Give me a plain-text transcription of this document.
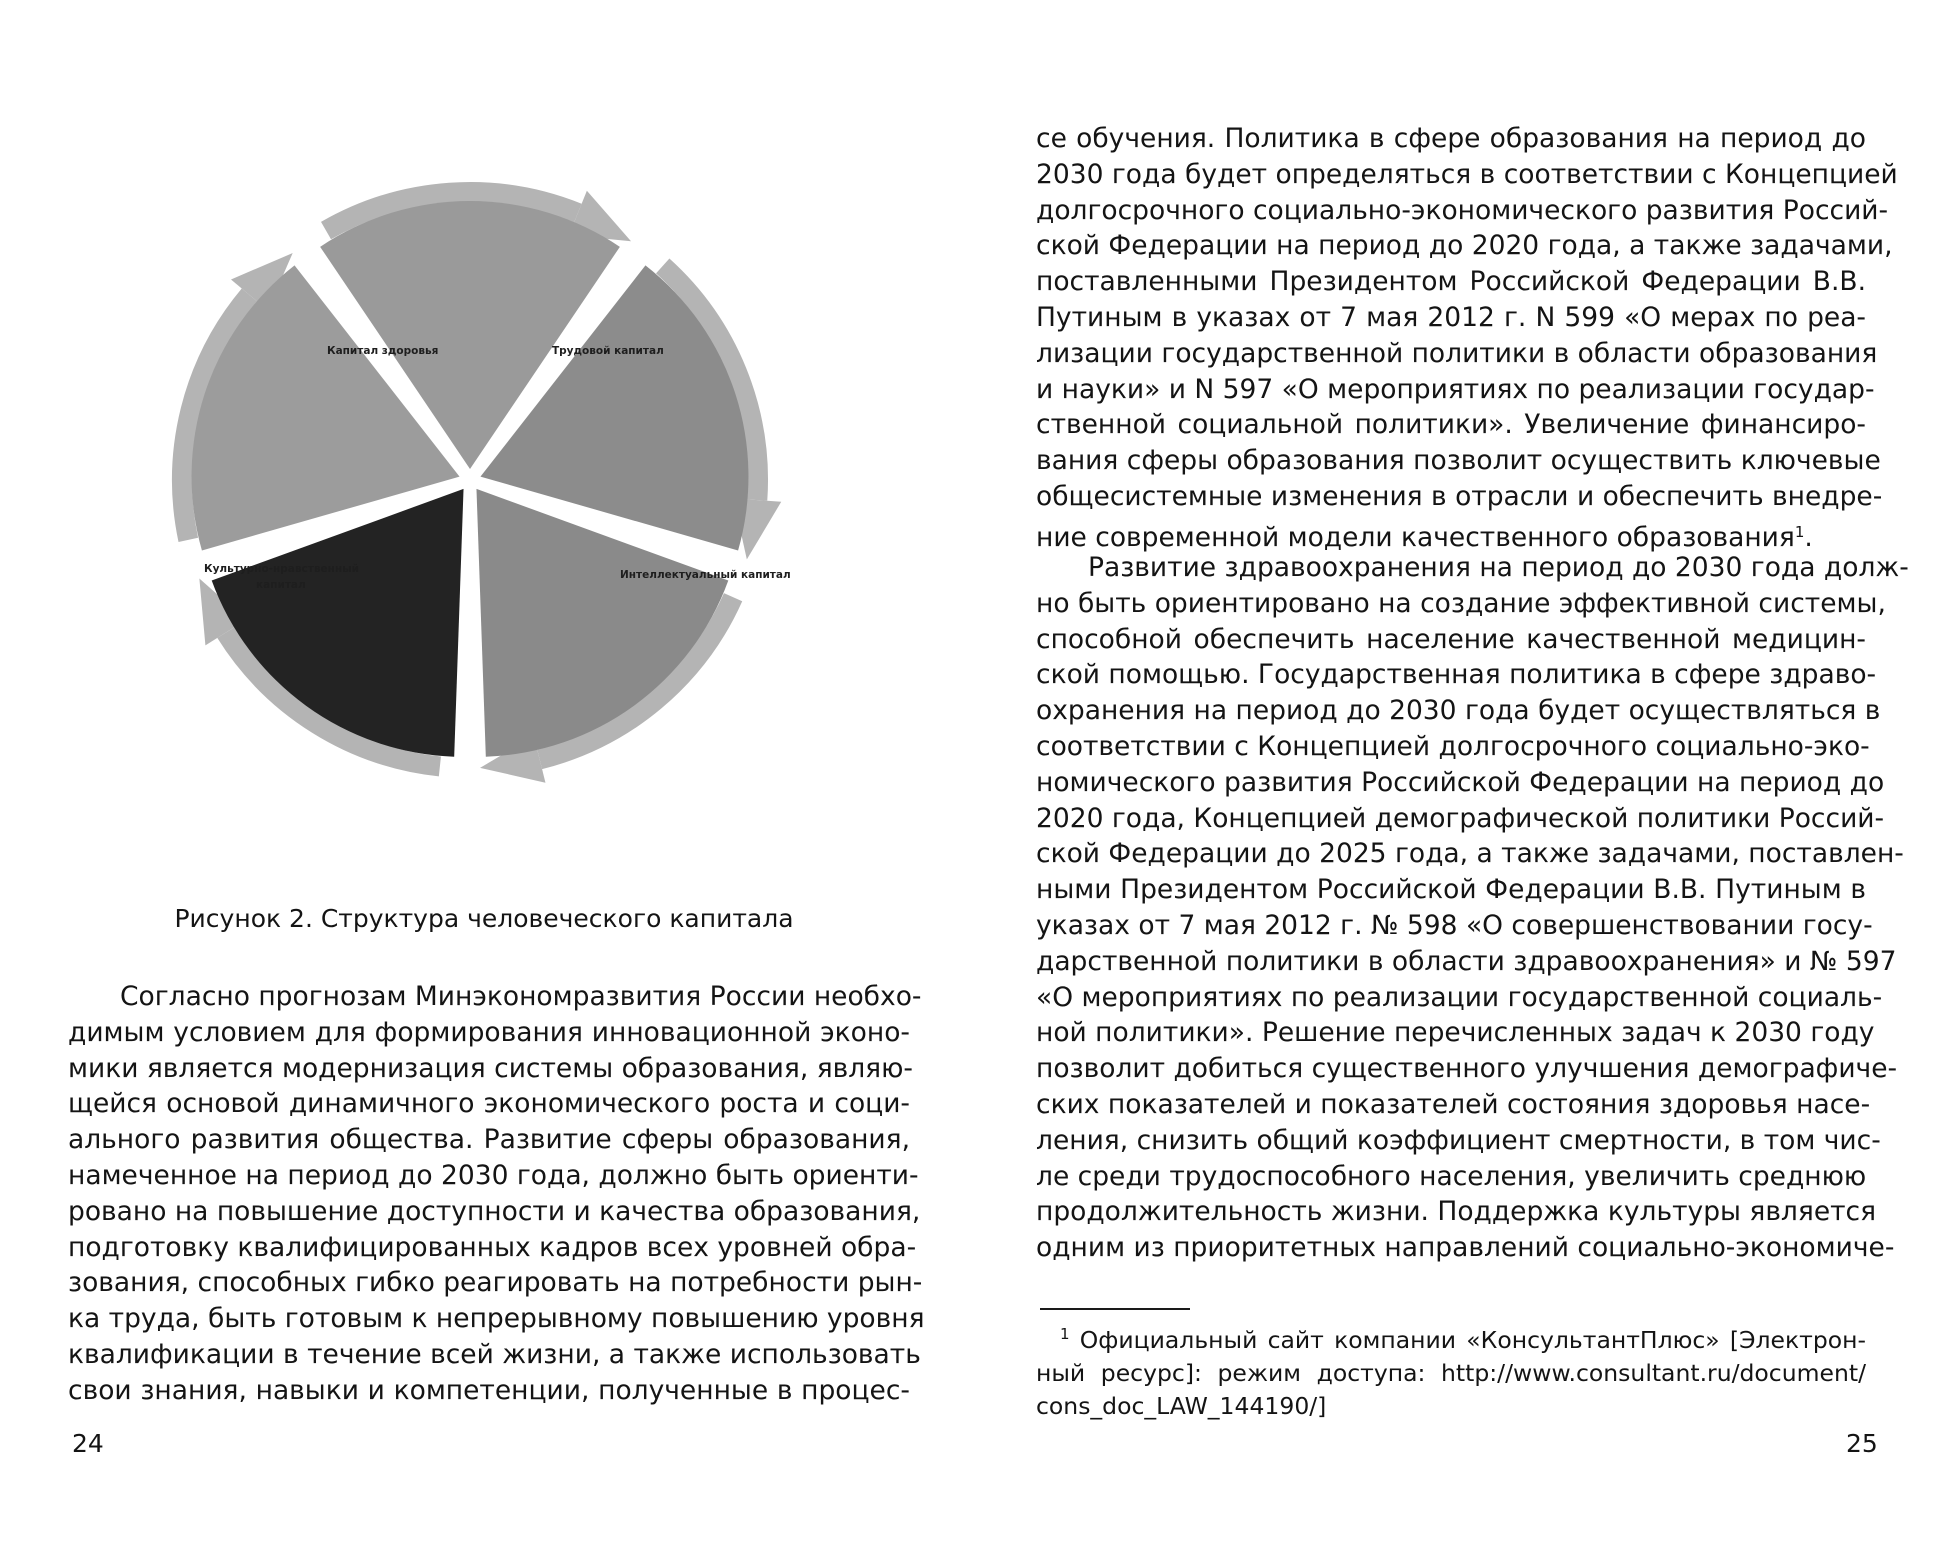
Капитал здоровья	Трудовой капитал
Интеллектуальный капитал
Культурно-нравственный
капитал
Рисунок 2. Структура человеческого капитала
Согласно прогнозам Минэкономразвития России необхо-
димым условием для формирования инновационной эконо-
мики является модернизация системы образования, являю-
щейся основой динамичного экономического роста и соци-
ального развития общества. Развитие сферы образования,
намеченное на период до 2030 года, должно быть ориенти-
ровано на повышение доступности и качества образования,
подготовку квалифицированных кадров всех уровней обра-
зования, способных гибко реагировать на потребности рын-
ка труда, быть готовым к непрерывному повышению уровня
квалификации в течение всей жизни, а также использовать
свои знания, навыки и компетенции, полученные в процес-
24
се обучения. Политика в сфере образования на период до
2030 года будет определяться в соответствии с Концепцией
долгосрочного социально-экономического развития Россий-
ской Федерации на период до 2020 года, а также задачами,
поставленными Президентом Российской Федерации В.В.
Путиным в указах от 7 мая 2012 г. N 599 «О мерах по реа-
лизации государственной политики в области образования
и науки» и N 597 «О мероприятиях по реализации государ-
ственной социальной политики». Увеличение финансиро-
вания сферы образования позволит осуществить ключевые
общесистемные изменения в отрасли и обеспечить внедре-
ние современной модели качественного образования$^1$.
Развитие здравоохранения на период до 2030 года долж-
но быть ориентировано на создание эффективной системы,
способной обеспечить население качественной медицин-
ской помощью. Государственная политика в сфере здраво-
охранения на период до 2030 года будет осуществляться в
соответствии с Концепцией долгосрочного социально-эко-
номического развития Российской Федерации на период до
2020 года, Концепцией демографической политики Россий-
ской Федерации до 2025 года, а также задачами, поставлен-
ными Президентом Российской Федерации В.В. Путиным в
указах от 7 мая 2012 г. № 598 «О совершенствовании госу-
дарственной политики в области здравоохранения» и № 597
«О мероприятиях по реализации государственной социаль-
ной политики». Решение перечисленных задач к 2030 году
позволит добиться существенного улучшения демографиче-
ских показателей и показателей состояния здоровья насе-
ления, снизить общий коэффициент смертности, в том чис-
ле среди трудоспособного населения, увеличить среднюю
продолжительность жизни. Поддержка культуры является
одним из приоритетных направлений социально-экономиче-
$^1$ Официальный сайт компании «КонсультантПлюс» [Электрон-
ный ресурс]: режим доступа: http://www.consultant.ru/document/
cons_doc_LAW_144190/]
25
